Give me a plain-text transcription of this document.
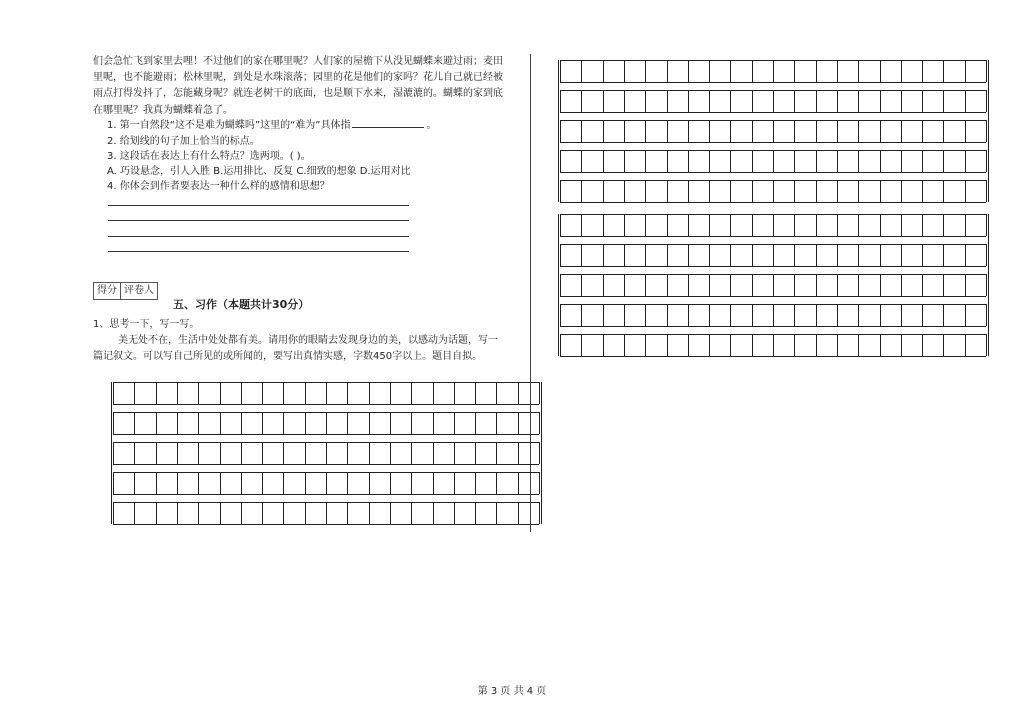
们会急忙飞到家里去哩！不过他们的家在哪里呢？人们家的屋檐下从没见蝴蝶来避过雨；麦田

里呢，也不能避雨；松林里呢，到处是水珠滚落；园里的花是他们的家吗？花儿自己就已经被

雨点打得发抖了，怎能藏身呢？就连老树干的底面，也是顺下水来，湿漉漉的。蝴蝶的家到底

在哪里呢？我真为蝴蝶着急了。

1. 第一自然段“这不是难为蝴蝶吗”这里的“难为”具体指	。
2. 给划线的句子加上恰当的标点。
3. 这段话在表达上有什么特点？选两项。( )。
A. 巧设悬念，引人入胜 B.运用排比、反复 C.细致的想象 D.运用对比
4. 你体会到作者要表达一种什么样的感情和思想？
得分 评卷人
五、习作（本题共计30分）
1、思考一下，写一写。
美无处不在，生活中处处都有美。请用你的眼睛去发现身边的美，以感动为话题，写一
篇记叙文。可以写自己所见的或所闻的，要写出真情实感，字数450字以上。题目自拟。
第 3 页 共 4 页
